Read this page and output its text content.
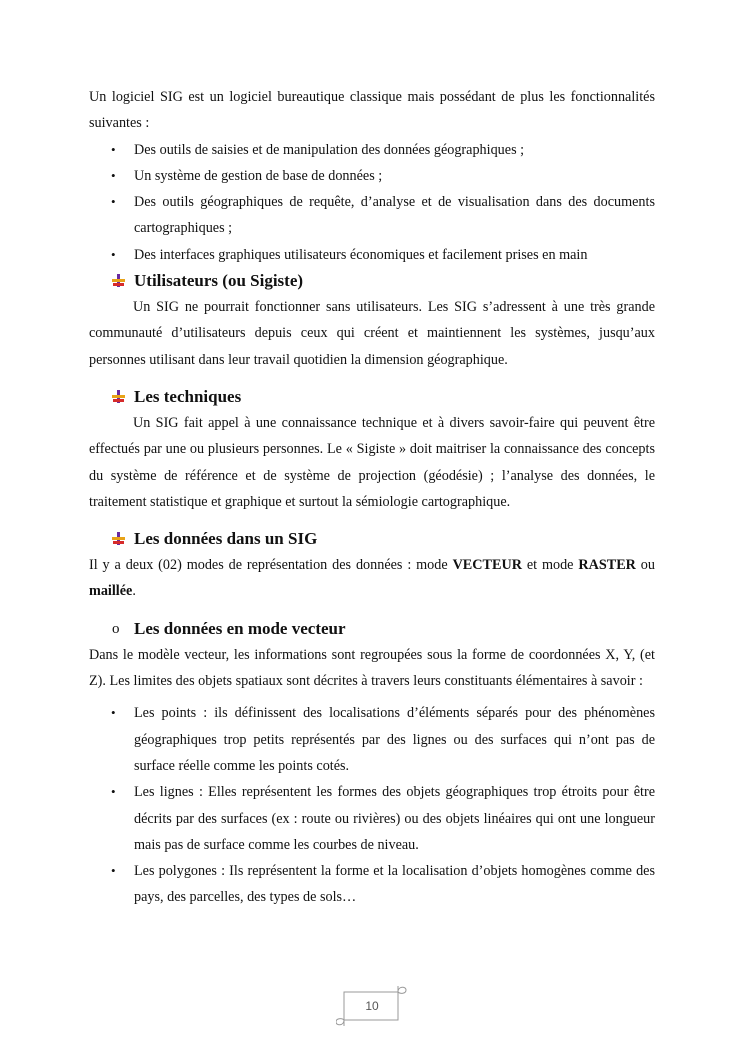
Un logiciel SIG est un logiciel bureautique classique mais possédant de plus les fonctionnalités suivantes :

• Des outils de saisies et de manipulation des données géographiques ;
• Un système de gestion de base de données ;
• Des outils géographiques de requête, d’analyse et de visualisation dans des documents cartographiques ;
• Des interfaces graphiques utilisateurs économiques et facilement prises en main
Utilisateurs (ou Sigiste)

Un SIG ne pourrait fonctionner sans utilisateurs. Les SIG s’adressent à une très grande communauté d’utilisateurs depuis ceux qui créent et maintiennent les systèmes, jusqu’aux personnes utilisant dans leur travail quotidien la dimension géographique.

Les techniques

Un SIG fait appel à une connaissance technique et à divers savoir-faire qui peuvent être effectués par une ou plusieurs personnes. Le « Sigiste » doit maitriser la connaissance des concepts du système de référence et de système de projection (géodésie) ; l’analyse des données, le traitement statistique et graphique et surtout la sémiologie cartographique.

Les données dans un SIG

Il y a deux (02) modes de représentation des données : mode VECTEUR et mode RASTER ou maillée.

o Les données en mode vecteur

Dans le modèle vecteur, les informations sont regroupées sous la forme de coordonnées X, Y, (et Z). Les limites des objets spatiaux sont décrites à travers leurs constituants élémentaires à savoir :

• Les points : ils définissent des localisations d’éléments séparés pour des phénomènes géographiques trop petits représentés par des lignes ou des surfaces qui n’ont pas de surface réelle comme les points cotés.
• Les lignes : Elles représentent les formes des objets géographiques trop étroits pour être décrits par des surfaces (ex : route ou rivières) ou des objets linéaires qui ont une longueur mais pas de surface comme les courbes de niveau.
• Les polygones : Ils représentent la forme et la localisation d’objets homogènes comme des pays, des parcelles, des types de sols…
10
